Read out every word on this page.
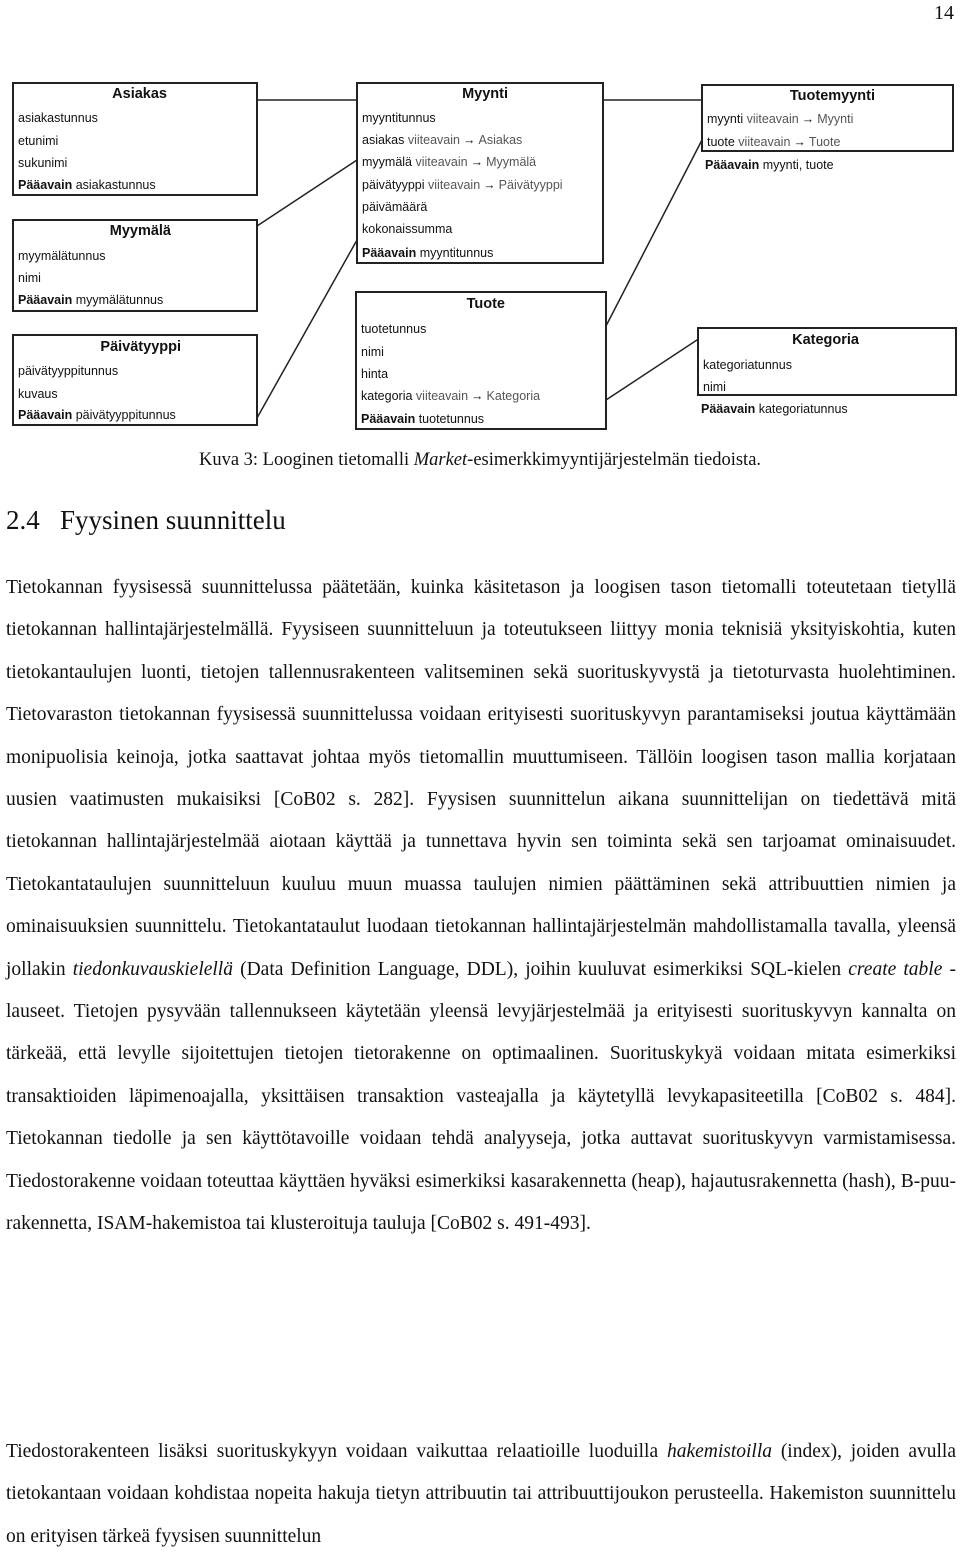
14
Asiakas
asiakastunnus
etunimi
sukunimi
Pääavain asiakastunnus
Myymälä
myymälätunnus
nimi
Pääavain myymälätunnus
Päivätyyppi
päivätyyppitunnus
kuvaus
Pääavain päivätyyppitunnus
Myynti
myyntitunnus
asiakas viiteavain → Asiakas
myymälä viiteavain → Myymälä
päivätyyppi viiteavain → Päivätyyppi
päivämäärä
kokonaissumma
Pääavain myyntitunnus
Tuote
tuotetunnus
nimi
hinta
kategoria viiteavain → Kategoria
Pääavain tuotetunnus
Tuotemyynti
myynti viiteavain → Myynti
tuote viiteavain → Tuote
Pääavain myynti, tuote
Kategoria
kategoriatunnus
nimi
Pääavain kategoriatunnus
Kuva 3: Looginen tietomalli Market-esimerkkimyyntijärjestelmän tiedoista.
2.4   Fyysinen suunnittelu
Tietokannan fyysisessä suunnittelussa päätetään, kuinka käsitetason ja loogisen tason tietomalli toteutetaan tietyllä tietokannan hallintajärjestelmällä. Fyysiseen suunnitteluun ja toteutukseen liittyy monia teknisiä yksityiskohtia, kuten tietokantaulujen luonti, tietojen tallennusrakenteen valitseminen sekä suorituskyvystä ja tietoturvasta huolehtiminen. Tietovaraston tietokannan fyysisessä suunnittelussa voidaan erityisesti suorituskyvyn parantamiseksi joutua käyttämään monipuolisia keinoja, jotka saattavat johtaa myös tietomallin muuttumiseen. Tällöin loogisen tason mallia korjataan uusien vaatimusten mukaisiksi [CoB02 s. 282]. Fyysisen suunnittelun aikana suunnittelijan on tiedettävä mitä tietokannan hallintajärjestelmää aiotaan käyttää ja tunnettava hyvin sen toiminta sekä sen tarjoamat ominaisuudet. Tietokantataulujen suunnitteluun kuuluu muun muassa taulujen nimien päättäminen sekä attribuuttien nimien ja ominaisuuksien suunnittelu. Tietokantataulut luodaan tietokannan hallintajärjestelmän mahdollistamalla tavalla, yleensä jollakin tiedonkuvauskielellä (Data Definition Language, DDL), joihin kuuluvat esimerkiksi SQL-kielen create table -lauseet. Tietojen pysyvään tallennukseen käytetään yleensä levyjärjestelmää ja erityisesti suorituskyvyn kannalta on tärkeää, että levylle sijoitettujen tietojen tietorakenne on optimaalinen. Suorituskykyä voidaan mitata esimerkiksi transaktioiden läpimenoajalla, yksittäisen transaktion vasteajalla ja käytetyllä levykapasiteetilla [CoB02 s. 484]. Tietokannan tiedolle ja sen käyttötavoille voidaan tehdä analyyseja, jotka auttavat suorituskyvyn varmistamisessa. Tiedostorakenne voidaan toteuttaa käyttäen hyväksi esimerkiksi kasarakennetta (heap), hajautusrakennetta (hash), B-puu-rakennetta, ISAM-hakemistoa tai klusteroituja tauluja [CoB02 s. 491-493].
Tiedostorakenteen lisäksi suorituskykyyn voidaan vaikuttaa relaatioille luoduilla hakemistoilla (index), joiden avulla tietokantaan voidaan kohdistaa nopeita hakuja tietyn attribuutin tai attribuuttijoukon perusteella. Hakemiston suunnittelu on erityisen tärkeä fyysisen suunnittelun
